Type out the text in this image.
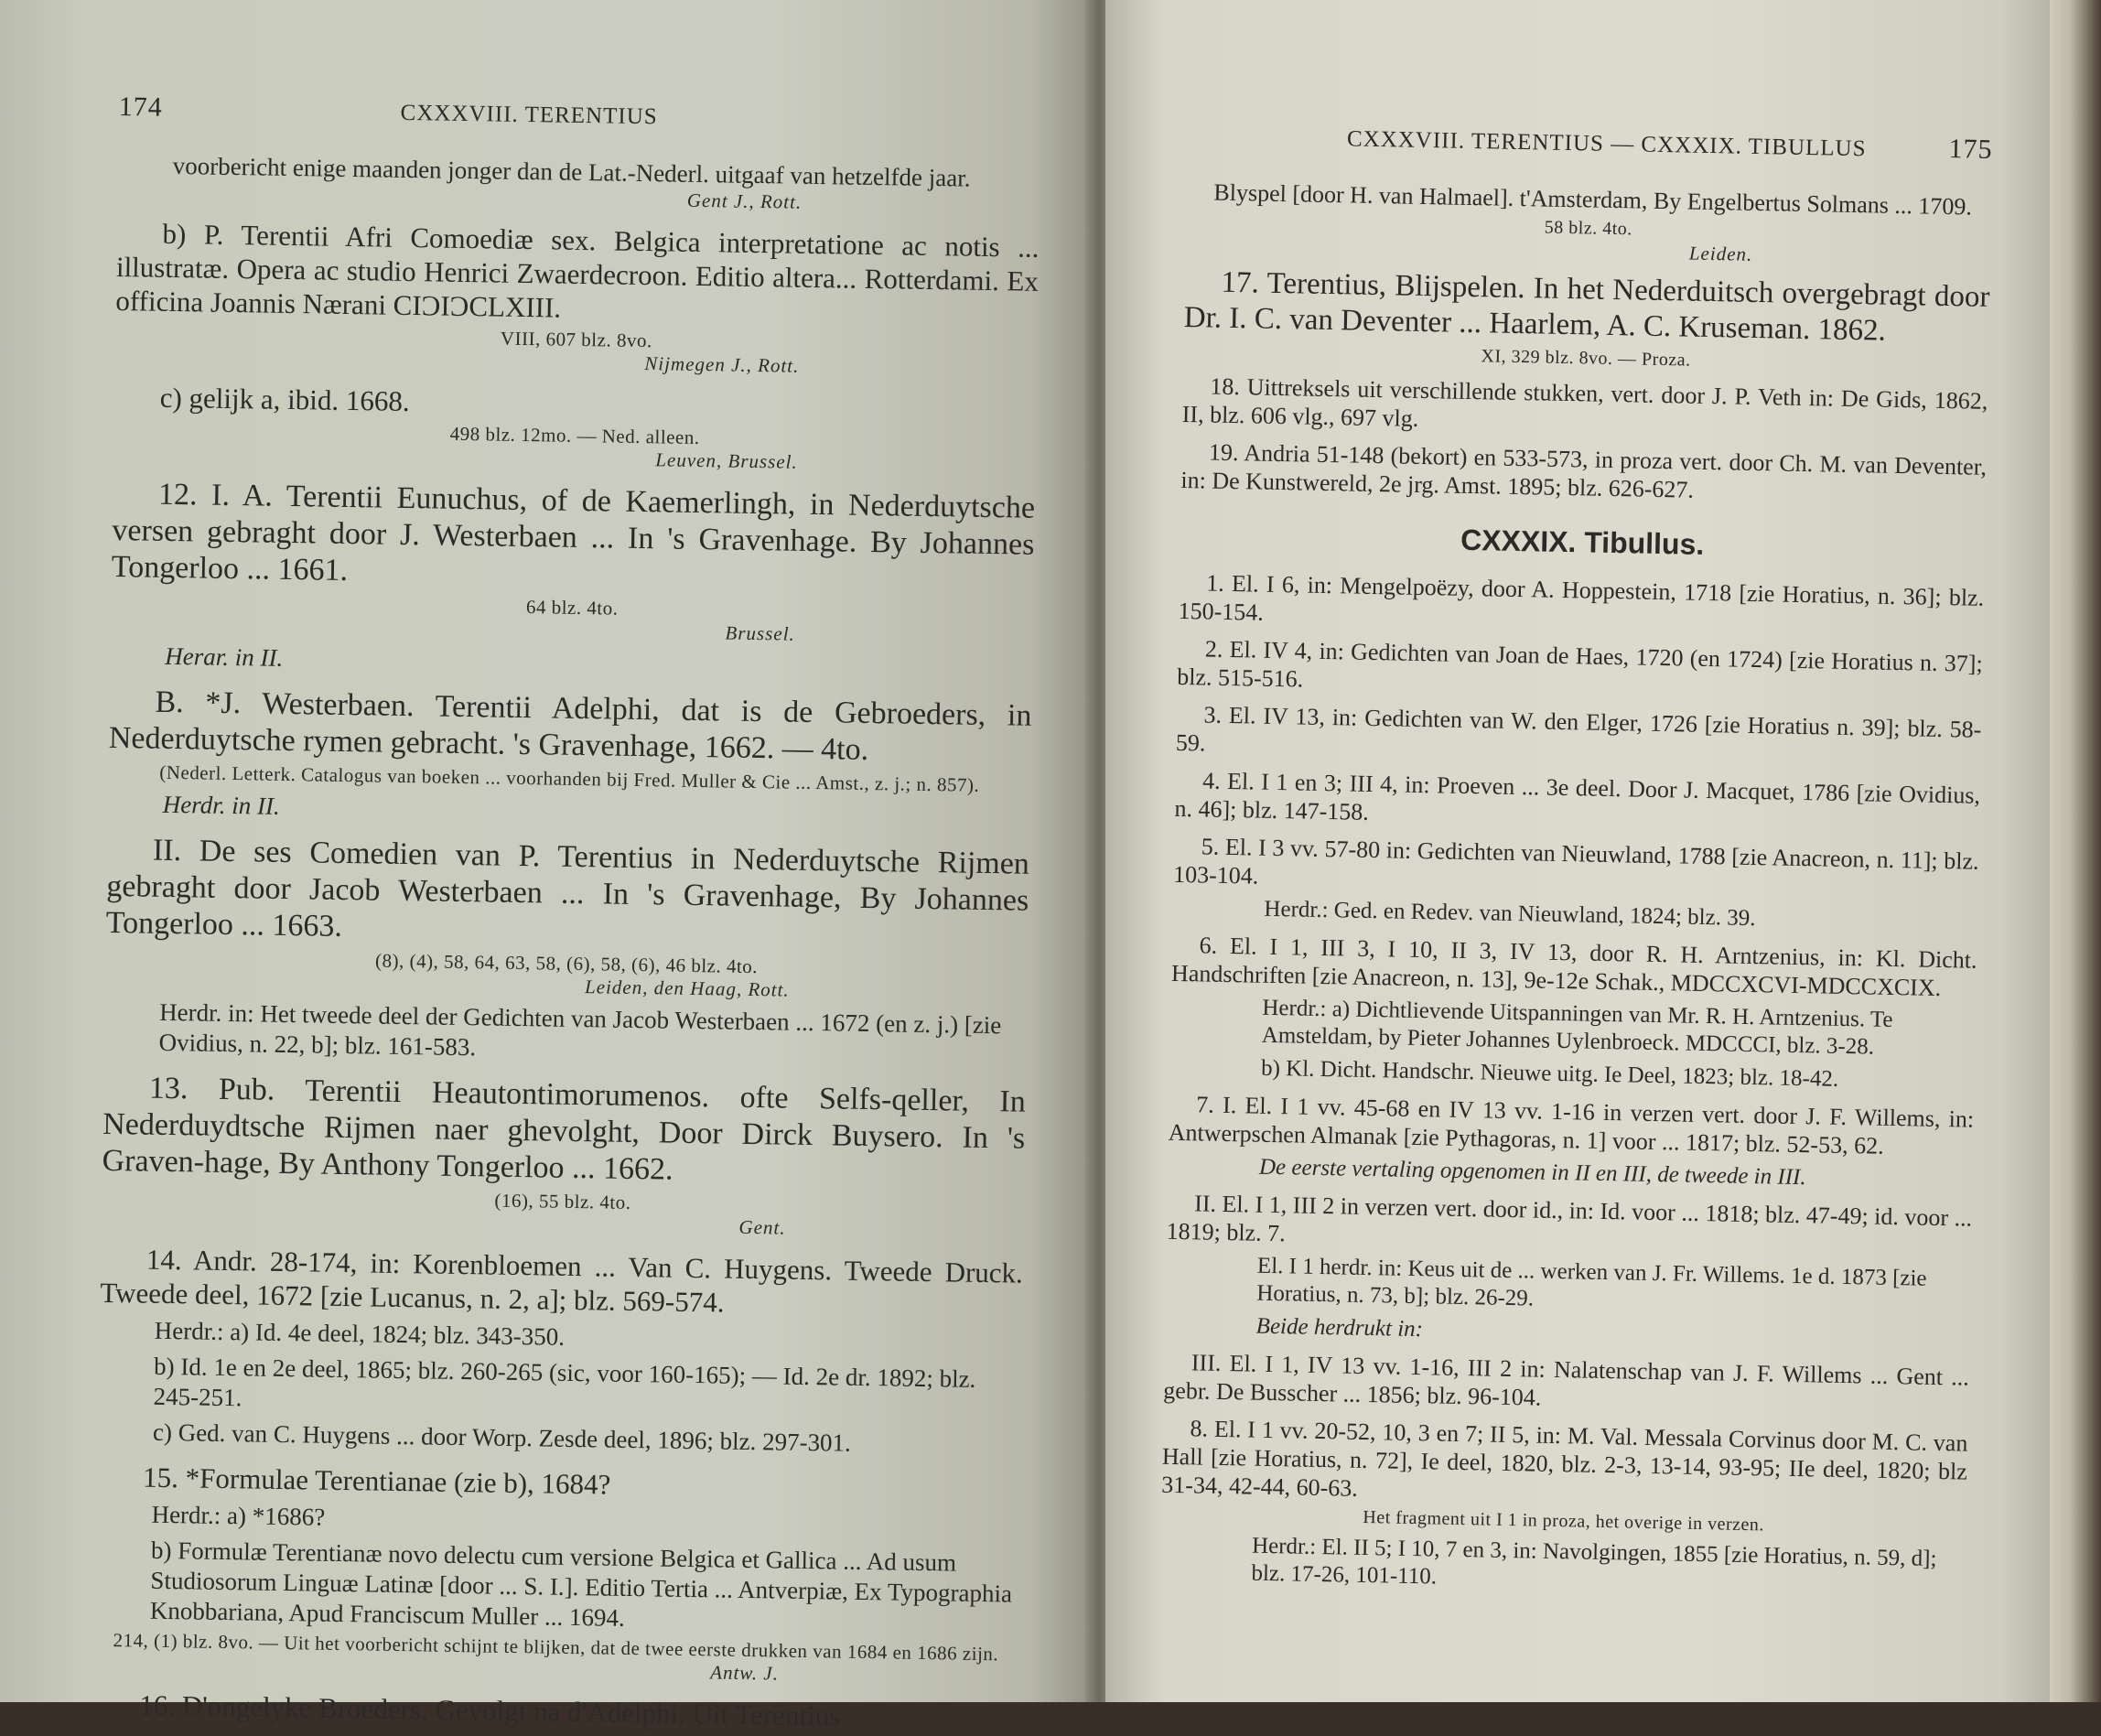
174	CXXXVIII. TERENTIUS

voorbericht enige maanden jonger dan de Lat.-Nederl. uitgaaf van hetzelfde jaar.

Gent J., Rott.

b) P. Terentii Afri Comoediæ sex. Belgica interpretatione ac notis ... illustratæ. Opera ac studio Henrici Zwaerdecroon. Editio altera... Rotterdami. Ex officina Joannis Nærani CIƆIƆCLXIII.

VIII, 607 blz. 8vo.

Nijmegen J., Rott.

c) gelijk a, ibid. 1668.

498 blz. 12mo. — Ned. alleen.

Leuven, Brussel.

12. I. A. Terentii Eunuchus, of de Kaemerlingh, in Nederduytsche versen gebraght door J. Westerbaen ... In 's Gravenhage. By Johannes Tongerloo ... 1661.

64 blz. 4to.

Brussel.

Herar. in II.

B. *J. Westerbaen. Terentii Adelphi, dat is de Gebroeders, in Nederduytsche rymen gebracht. 's Gravenhage, 1662. — 4to.

(Nederl. Letterk. Catalogus van boeken ... voorhanden bij Fred. Muller & Cie ... Amst., z. j.; n. 857).

Herdr. in II.

II. De ses Comedien van P. Terentius in Nederduytsche Rijmen gebraght door Jacob Westerbaen ... In 's Gravenhage, By Johannes Tongerloo ... 1663.

(8), (4), 58, 64, 63, 58, (6), 58, (6), 46 blz. 4to.

Leiden, den Haag, Rott.

Herdr. in: Het tweede deel der Gedichten van Jacob Westerbaen ... 1672 (en z. j.) [zie Ovidius, n. 22, b]; blz. 161-583.

13. Pub. Terentii Heautontimorumenos. ofte Selfs-qeller, In Nederduydtsche Rijmen naer ghevolght, Door Dirck Buysero. In 's Graven-hage, By Anthony Tongerloo ... 1662.

(16), 55 blz. 4to.

Gent.

14. Andr. 28-174, in: Korenbloemen ... Van C. Huygens. Tweede Druck. Tweede deel, 1672 [zie Lucanus, n. 2, a]; blz. 569-574.

Herdr.: a) Id. 4e deel, 1824; blz. 343-350.

b) Id. 1e en 2e deel, 1865; blz. 260-265 (sic, voor 160-165); — Id. 2e dr. 1892; blz. 245-251.

c) Ged. van C. Huygens ... door Worp. Zesde deel, 1896; blz. 297-301.

15. *Formulae Terentianae (zie b), 1684?

Herdr.: a) *1686?

b) Formulæ Terentianæ novo delectu cum versione Belgica et Gallica ... Ad usum Studiosorum Linguæ Latinæ [door ... S. I.]. Editio Tertia ... Antverpiæ, Ex Typographia Knobbariana, Apud Franciscum Muller ... 1694.

214, (1) blz. 8vo. — Uit het voorbericht schijnt te blijken, dat de twee eerste drukken van 1684 en 1686 zijn.

Antw. J.

16. D'ongelyke Broeders, Gevolgt na d'Adelphi, Uit Terentius

CXXXVIII. TERENTIUS — CXXXIX. TIBULLUS	175

Blyspel [door H. van Halmael]. t'Amsterdam, By Engelbertus Solmans ... 1709.

58 blz. 4to.

Leiden.

17. Terentius, Blijspelen. In het Nederduitsch overgebragt door Dr. I. C. van Deventer ... Haarlem, A. C. Kruseman. 1862.

XI, 329 blz. 8vo. — Proza.

18. Uittreksels uit verschillende stukken, vert. door J. P. Veth in: De Gids, 1862, II, blz. 606 vlg., 697 vlg.

19. Andria 51-148 (bekort) en 533-573, in proza vert. door Ch. M. van Deventer, in: De Kunstwereld, 2e jrg. Amst. 1895; blz. 626-627.

CXXXIX. Tibullus.

1. El. I 6, in: Mengelpoëzy, door A. Hoppestein, 1718 [zie Horatius, n. 36]; blz. 150-154.

2. El. IV 4, in: Gedichten van Joan de Haes, 1720 (en 1724) [zie Horatius n. 37]; blz. 515-516.

3. El. IV 13, in: Gedichten van W. den Elger, 1726 [zie Horatius n. 39]; blz. 58-59.

4. El. I 1 en 3; III 4, in: Proeven ... 3e deel. Door J. Macquet, 1786 [zie Ovidius, n. 46]; blz. 147-158.

5. El. I 3 vv. 57-80 in: Gedichten van Nieuwland, 1788 [zie Anacreon, n. 11]; blz. 103-104.

Herdr.: Ged. en Redev. van Nieuwland, 1824; blz. 39.

6. El. I 1, III 3, I 10, II 3, IV 13, door R. H. Arntzenius, in: Kl. Dicht. Handschriften [zie Anacreon, n. 13], 9e-12e Schak., MDCCXCVI-MDCCXCIX.

Herdr.: a) Dichtlievende Uitspanningen van Mr. R. H. Arntzenius. Te Amsteldam, by Pieter Johannes Uylenbroeck. MDCCCI, blz. 3-28.

b) Kl. Dicht. Handschr. Nieuwe uitg. Ie Deel, 1823; blz. 18-42.

7. I. El. I 1 vv. 45-68 en IV 13 vv. 1-16 in verzen vert. door J. F. Willems, in: Antwerpschen Almanak [zie Pythagoras, n. 1] voor ... 1817; blz. 52-53, 62.

De eerste vertaling opgenomen in II en III, de tweede in III.

II. El. I 1, III 2 in verzen vert. door id., in: Id. voor ... 1818; blz. 47-49; id. voor ... 1819; blz. 7.

El. I 1 herdr. in: Keus uit de ... werken van J. Fr. Willems. 1e d. 1873 [zie Horatius, n. 73, b]; blz. 26-29.

Beide herdrukt in:

III. El. I 1, IV 13 vv. 1-16, III 2 in: Nalatenschap van J. F. Willems ... Gent ... gebr. De Busscher ... 1856; blz. 96-104.

8. El. I 1 vv. 20-52, 10, 3 en 7; II 5, in: M. Val. Messala Corvinus door M. C. van Hall [zie Horatius, n. 72], Ie deel, 1820, blz. 2-3, 13-14, 93-95; IIe deel, 1820; blz 31-34, 42-44, 60-63.

Het fragment uit I 1 in proza, het overige in verzen.

Herdr.: El. II 5; I 10, 7 en 3, in: Navolgingen, 1855 [zie Horatius, n. 59, d]; blz. 17-26, 101-110.
